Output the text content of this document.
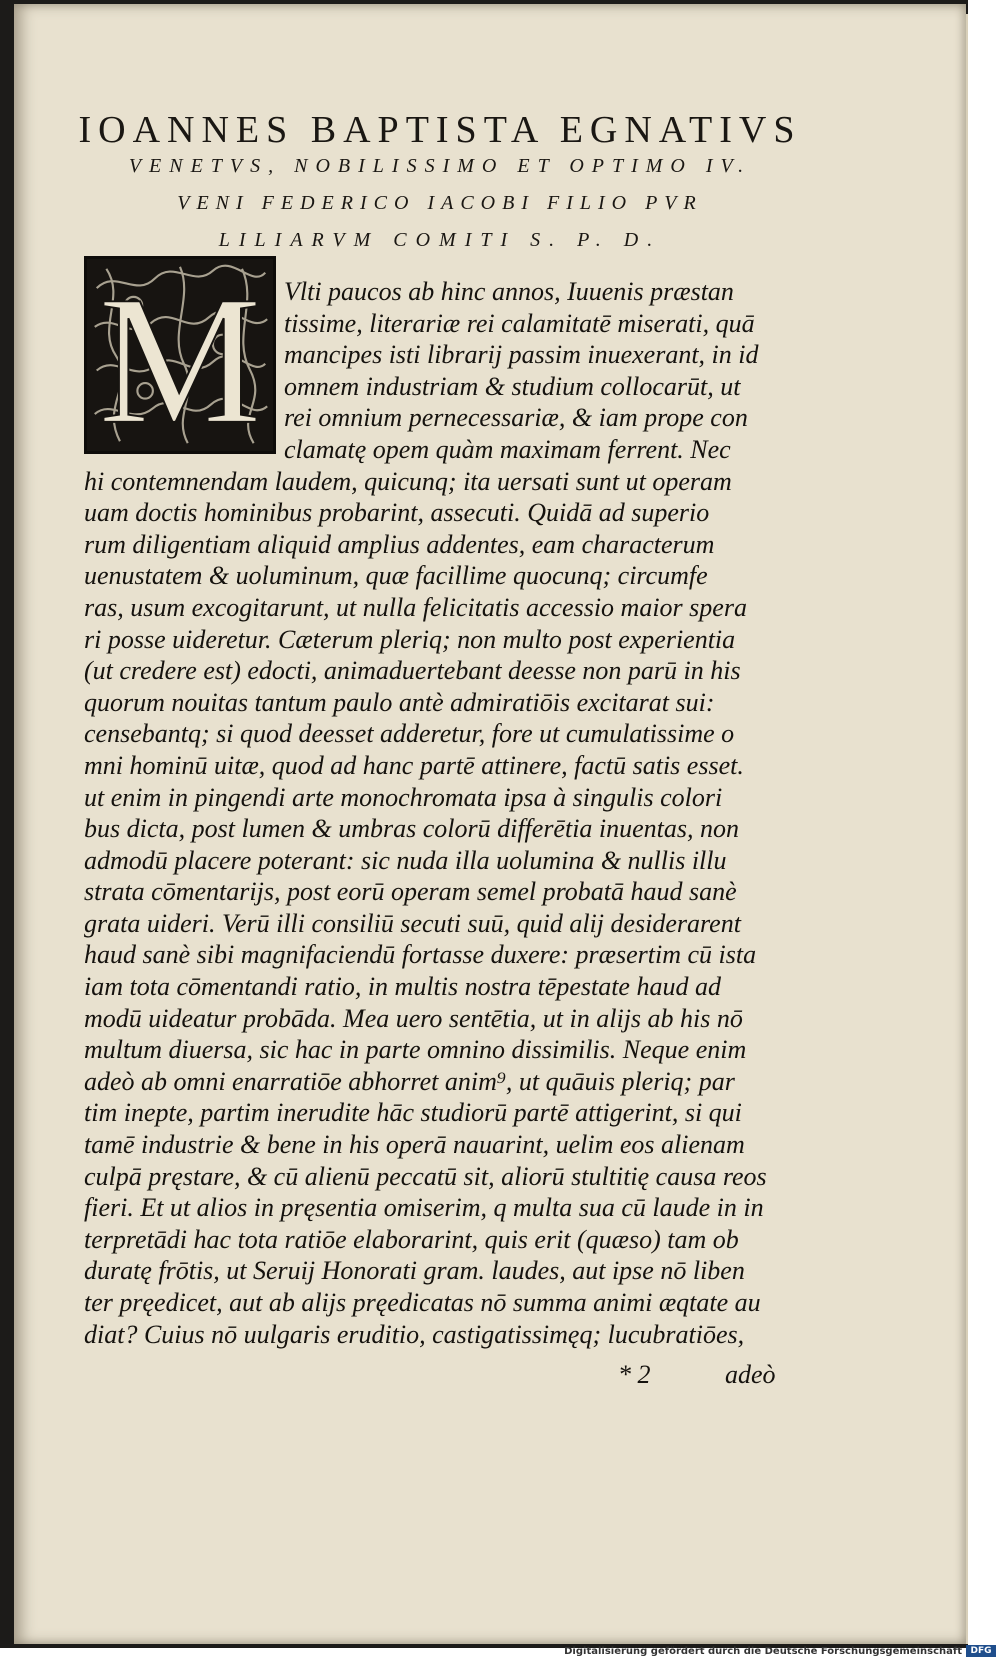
IOANNES BAPTISTA EGNATIVS
VENETVS, NOBILISSIMO ET OPTIMO IV.
VENI FEDERICO IACOBI FILIO PVR
LILIARVM COMITI S. P. D.
M Vlti paucos ab hinc annos, Iuuenis præstan
tissime, literariæ rei calamitatē miserati, quā
mancipes isti librarij passim inuexerant, in id
omnem industriam & studium collocarūt, ut
rei omnium pernecessariæ, & iam prope con
clamatę opem quàm maximam ferrent. Nec
hi contemnendam laudem, quicunq; ita uersati sunt ut operam
uam doctis hominibus probarint, assecuti. Quidā ad superio
rum diligentiam aliquid amplius addentes, eam characterum
uenustatem & uoluminum, quæ facillime quocunq; circumfe
ras, usum excogitarunt, ut nulla felicitatis accessio maior spera
ri posse uideretur. Cæterum pleriq; non multo post experientia
(ut credere est) edocti, animaduertebant deesse non parū in his
quorum nouitas tantum paulo antè admiratiōis excitarat sui:
censebantq; si quod deesset adderetur, fore ut cumulatissime o
mni hominū uitæ, quod ad hanc partē attinere, factū satis esset.
ut enim in pingendi arte monochromata ipsa à singulis colori
bus dicta, post lumen & umbras colorū differētia inuentas, non
admodū placere poterant: sic nuda illa uolumina & nullis illu
strata cōmentarijs, post eorū operam semel probatā haud sanè
grata uideri. Verū illi consiliū secuti suū, quid alij desiderarent
haud sanè sibi magnifaciendū fortasse duxere: præsertim cū ista
iam tota cōmentandi ratio, in multis nostra tēpestate haud ad
modū uideatur probāda. Mea uero sentētia, ut in alijs ab his nō
multum diuersa, sic hac in parte omnino dissimilis. Neque enim
adeò ab omni enarratiōe abhorret anim⁹, ut quāuis pleriq; par
tim inepte, partim inerudite hāc studiorū partē attigerint, si qui
tamē industrie & bene in his operā nauarint, uelim eos alienam
culpā pręstare, & cū alienū peccatū sit, aliorū stultitię causa reos
fieri. Et ut alios in pręsentia omiserim, q multa sua cū laude in in
terpretādi hac tota ratiōe elaborarint, quis erit (quæso) tam ob
duratę frōtis, ut Seruij Honorati gram. laudes, aut ipse nō liben
ter pręedicet, aut ab alijs pręedicatas nō summa animi æqtate au
diat? Cuius nō uulgaris eruditio, castigatissimęq; lucubratiōes,
* 2	adeò
Digitalisierung gefördert durch die Deutsche Forschungsgemeinschaft DFG
